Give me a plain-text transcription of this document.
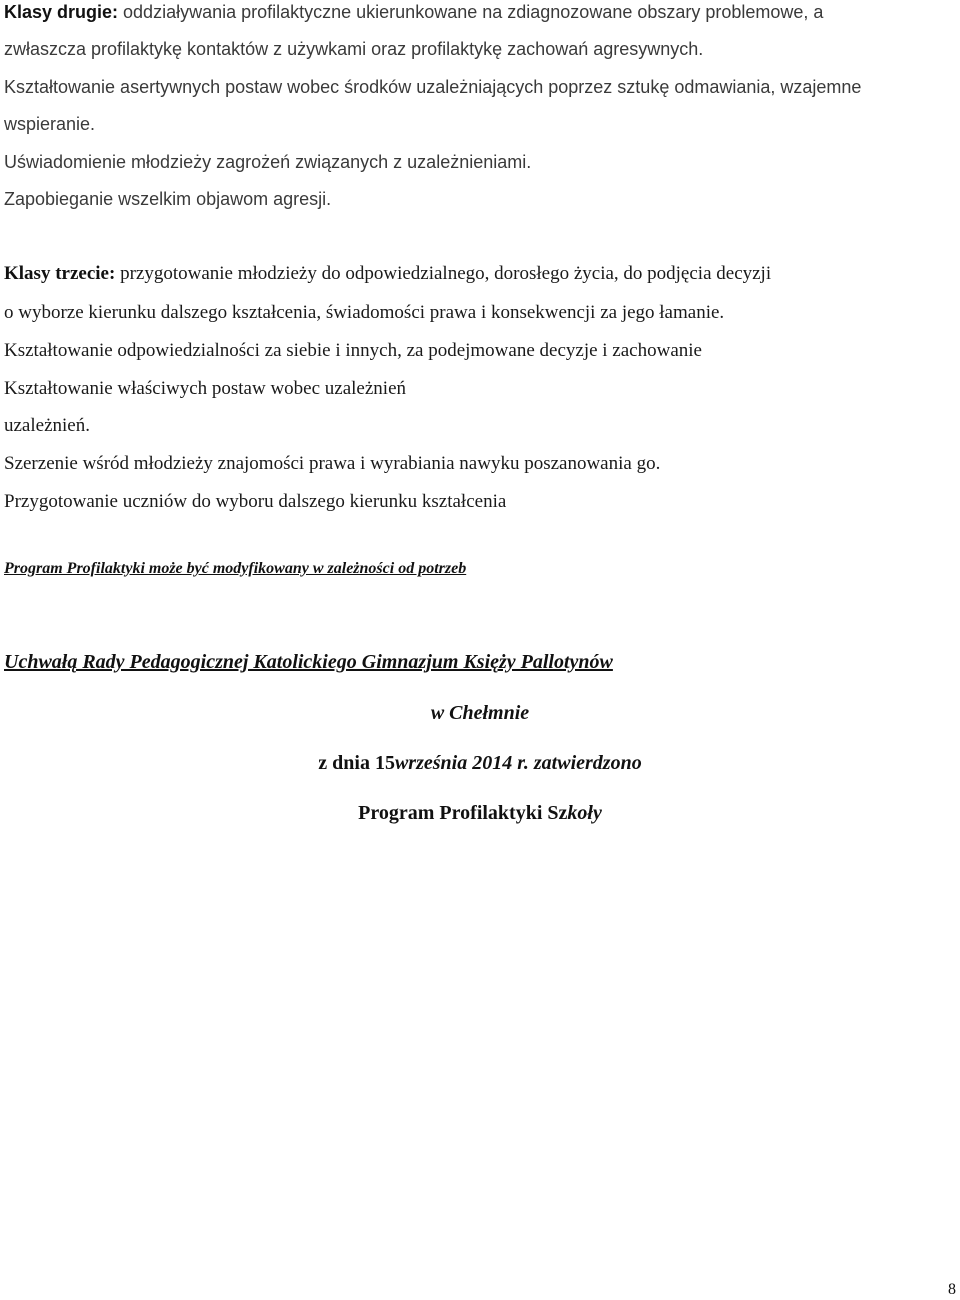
Klasy drugie: oddziaływania profilaktyczne ukierunkowane na zdiagnozowane obszary problemowe, a
zwłaszcza profilaktykę kontaktów z używkami oraz profilaktykę zachowań agresywnych.
Kształtowanie asertywnych postaw wobec środków uzależniających poprzez sztukę odmawiania, wzajemne
wspieranie.
Uświadomienie młodzieży zagrożeń związanych z uzależnieniami.
Zapobieganie wszelkim objawom agresji.
Klasy trzecie: przygotowanie młodzieży do odpowiedzialnego, dorosłego życia, do podjęcia decyzji
o wyborze kierunku dalszego kształcenia, świadomości prawa i konsekwencji za jego łamanie.
Kształtowanie odpowiedzialności za siebie i innych, za podejmowane decyzje i zachowanie
Kształtowanie właściwych postaw wobec uzależnień
uzależnień.
Szerzenie wśród młodzieży znajomości prawa i wyrabiania nawyku poszanowania go.
Przygotowanie uczniów do wyboru dalszego kierunku kształcenia
Program Profilaktyki może być modyfikowany w zależności od potrzeb
Uchwałą Rady Pedagogicznej Katolickiego Gimnazjum Księży Pallotynów
w Chełmnie
z dnia 15września 2014 r. zatwierdzono
Program Profilaktyki Szkoły
8
